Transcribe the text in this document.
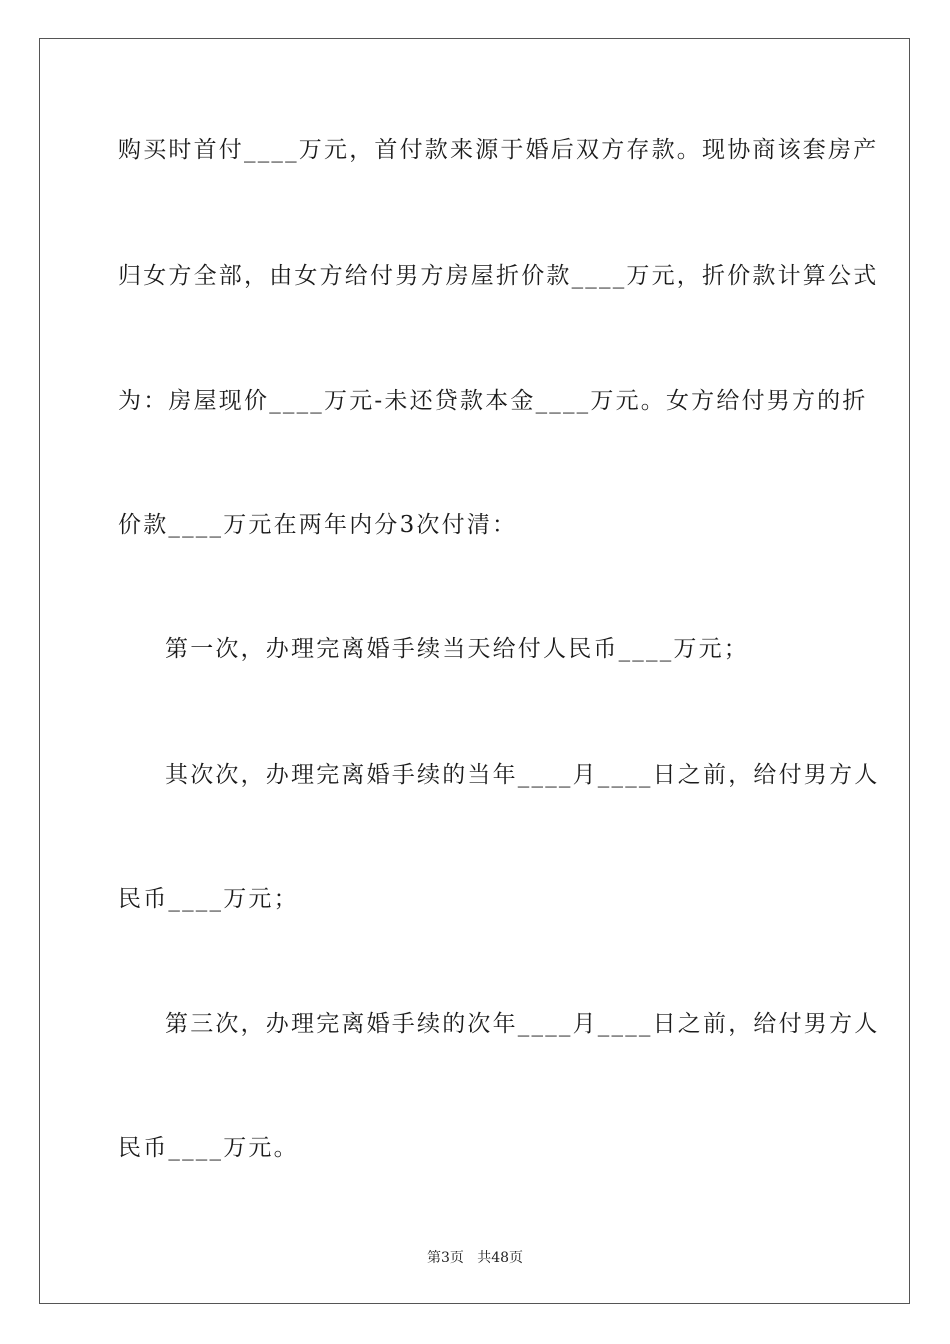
购买时首付____万元，首付款来源于婚后双方存款。现协商该套房产
归女方全部，由女方给付男方房屋折价款____万元，折价款计算公式
为：房屋现价____万元-未还贷款本金____万元。女方给付男方的折
价款____万元在两年内分3次付清：
第一次，办理完离婚手续当天给付人民币____万元；
其次次，办理完离婚手续的当年____月____日之前，给付男方人
民币____万元；
第三次，办理完离婚手续的次年____月____日之前，给付男方人
民币____万元。
第3页   共48页
